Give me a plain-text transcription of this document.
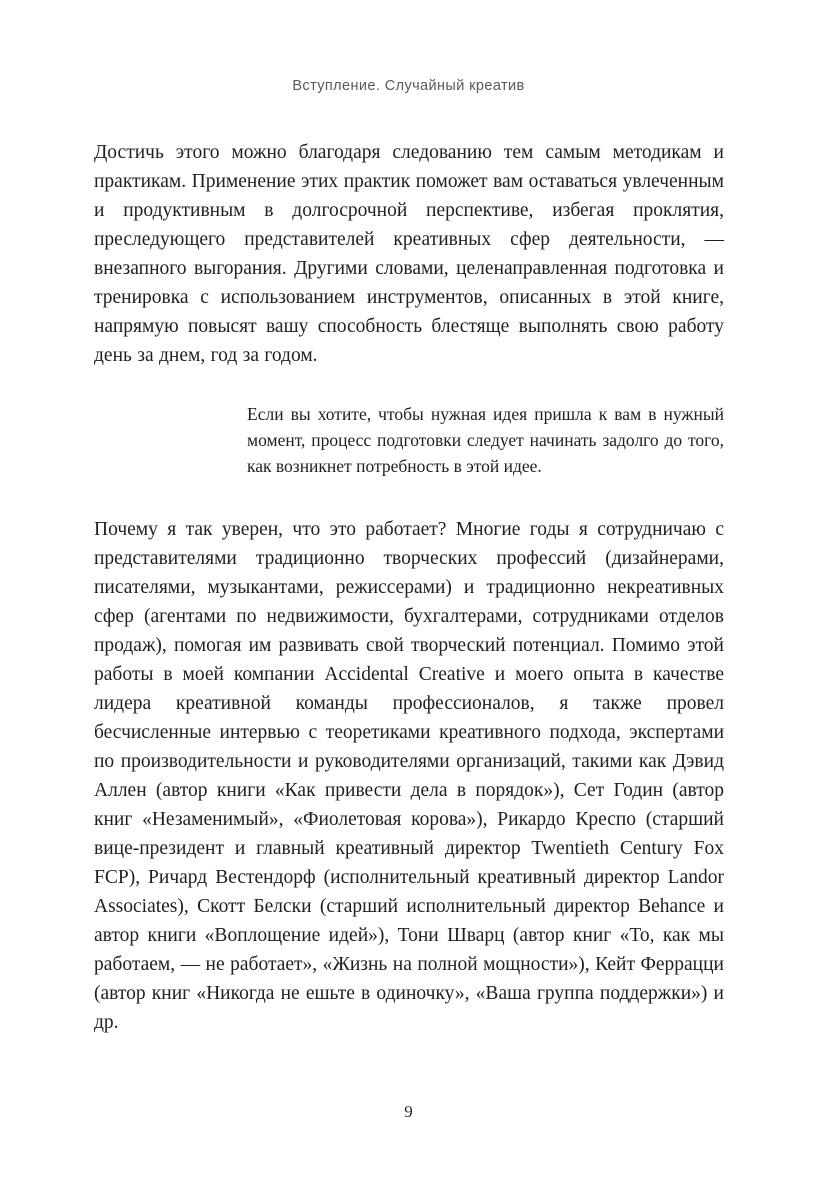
Вступление. Случайный креатив

Достичь этого можно благодаря следованию тем самым методикам и практикам. Применение этих практик поможет вам оставаться увлеченным и продуктивным в долгосрочной перспективе, избегая проклятия, преследующего представителей креативных сфер деятельности, — внезапного выгорания. Другими словами, целенаправленная подготовка и тренировка с использованием инструментов, описанных в этой книге, напрямую повысят вашу способность блестяще выполнять свою работу день за днем, год за годом.

Если вы хотите, чтобы нужная идея пришла к вам в нужный момент, процесс подготовки следует начинать задолго до того, как возникнет потребность в этой идее.

Почему я так уверен, что это работает? Многие годы я сотрудничаю с представителями традиционно творческих профессий (дизайнерами, писателями, музыкантами, режиссерами) и традиционно некреативных сфер (агентами по недвижимости, бухгалтерами, сотрудниками отделов продаж), помогая им развивать свой творческий потенциал. Помимо этой работы в моей компании Accidental Creative и моего опыта в качестве лидера креативной команды профессионалов, я также провел бесчисленные интервью с теоретиками креативного подхода, экспертами по производительности и руководителями организаций, такими как Дэвид Аллен (автор книги «Как привести дела в порядок»), Сет Годин (автор книг «Незаменимый», «Фиолетовая корова»), Рикардо Креспо (старший вице-президент и главный креативный директор Twentieth Century Fox FCP), Ричард Вестендорф (исполнительный креативный директор Landor Associates), Скотт Белски (старший исполнительный директор Behance и автор книги «Воплощение идей»), Тони Шварц (автор книг «То, как мы работаем, — не работает», «Жизнь на полной мощности»), Кейт Феррацци (автор книг «Никогда не ешьте в одиночку», «Ваша группа поддержки») и др.

9
